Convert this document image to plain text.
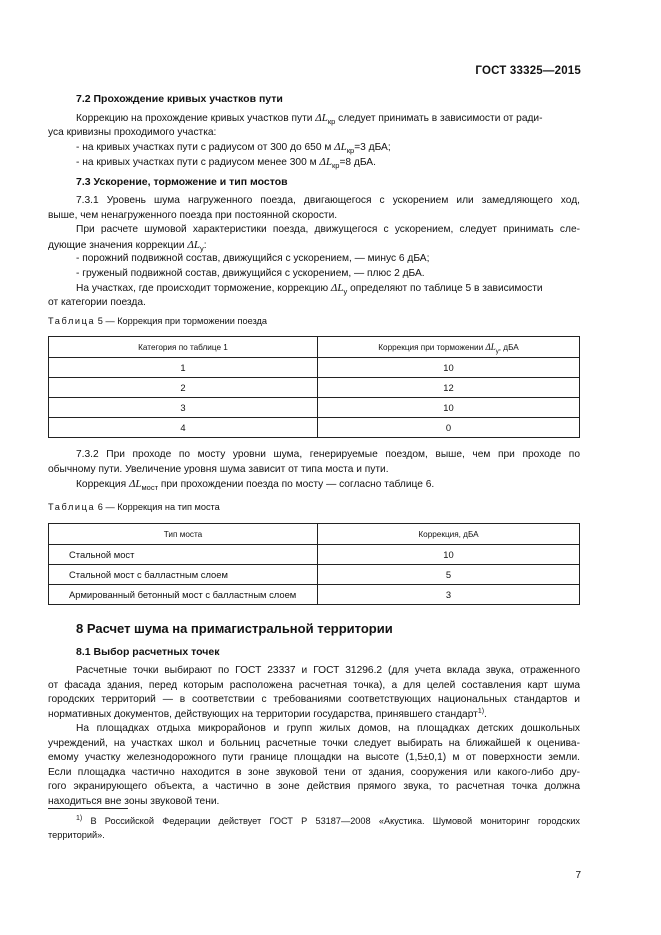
ГОСТ 33325—2015
7.2 Прохождение кривых участков пути
Коррекцию на прохождение кривых участков пути $\Delta L_{кр}$ следует принимать в зависимости от ради-
уса кривизны проходимого участка:
- на кривых участках пути с радиусом от 300 до 650 м $\Delta L_{кр}=3$ дБА;
- на кривых участках пути с радиусом менее 300 м $\Delta L_{кр}=8$ дБА.
7.3 Ускорение, торможение и тип мостов
7.3.1 Уровень шума нагруженного поезда, двигающегося с ускорением или замедляющего ход,
выше, чем ненагруженного поезда при постоянной скорости.
При расчете шумовой характеристики поезда, движущегося с ускорением, следует принимать сле-
дующие значения коррекции $\Delta L_у$:
- порожний подвижной состав, движущийся с ускорением, — минус 6 дБА;
- груженый подвижной состав, движущийся с ускорением, — плюс 2 дБА.
На участках, где происходит торможение, коррекцию $\Delta L_у$ определяют по таблице 5 в зависимости
от категории поезда.
Таблица 5 — Коррекция при торможении поезда
Категория по таблице 1	Коррекция при торможении $\Delta L_у$, дБА
1	10
2	12
3	10
4	0
7.3.2 При проходе по мосту уровни шума, генерируемые поездом, выше, чем при проходе по
обычному пути. Увеличение уровня шума зависит от типа моста и пути.
Коррекция $\Delta L_{мост}$ при прохождении поезда по мосту — согласно таблице 6.
Таблица 6 — Коррекция на тип моста
Тип моста	Коррекция, дБА
Стальной мост	10
Стальной мост с балластным слоем	5
Армированный бетонный мост с балластным слоем	3
8 Расчет шума на примагистральной территории
8.1 Выбор расчетных точек
Расчетные точки выбирают по ГОСТ 23337 и ГОСТ 31296.2 (для учета вклада звука, отраженного
от фасада здания, перед которым расположена расчетная точка), а для целей составления карт шума
городских территорий — в соответствии с требованиями соответствующих национальных стандартов и
нормативных документов, действующих на территории государства, принявшего стандарт$^{1)}$.
На площадках отдыха микрорайонов и групп жилых домов, на площадках детских дошкольных
учреждений, на участках школ и больниц расчетные точки следует выбирать на ближайшей к оценива-
емому участку железнодорожного пути границе площадки на высоте (1,5±0,1) м от поверхности земли.
Если площадка частично находится в зоне звуковой тени от здания, сооружения или какого-либо дру-
гого экранирующего объекта, а частично в зоне действия прямого звука, то расчетная точка должна
находиться вне зоны звуковой тени.
$^{1)}$ В Российской Федерации действует ГОСТ Р 53187—2008 «Акустика. Шумовой мониторинг городских
территорий».
7
